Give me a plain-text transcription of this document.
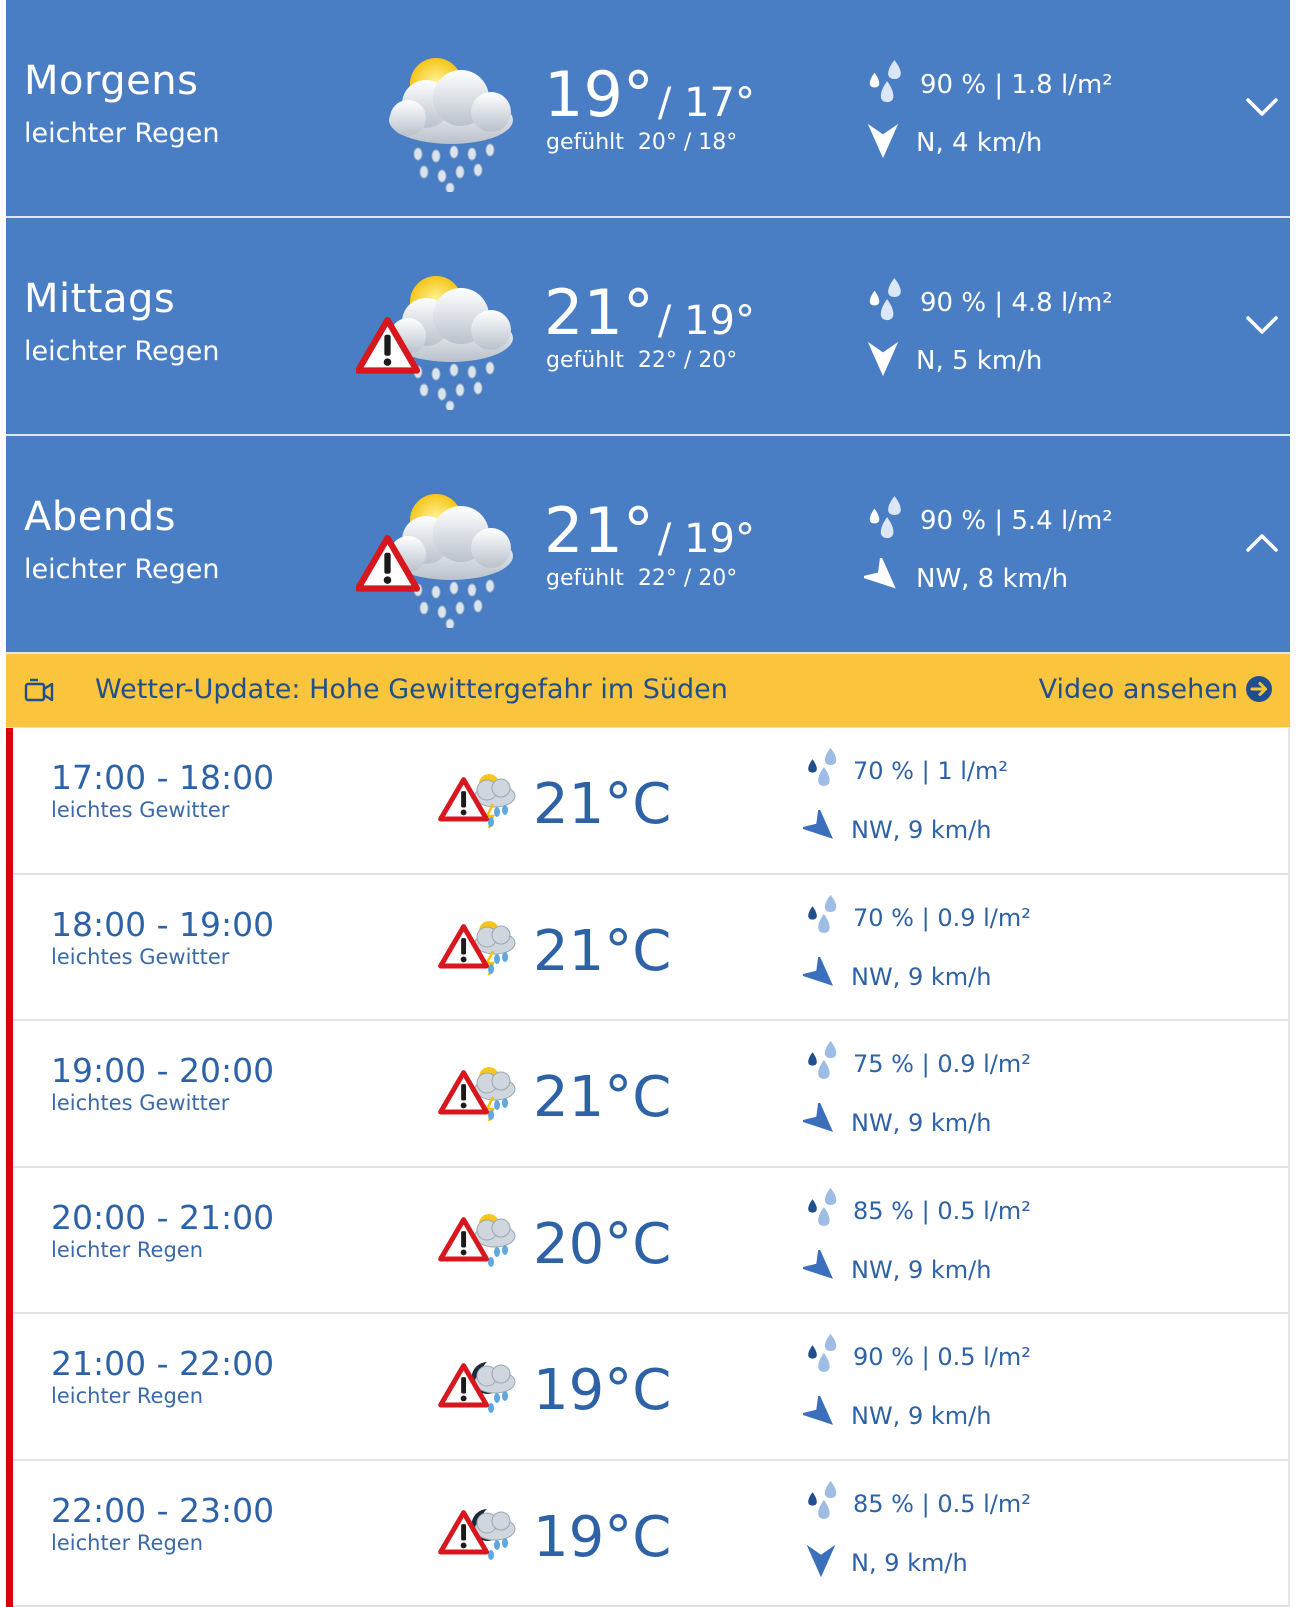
Morgens
leichter Regen
19° / 17°
gefühlt 20° / 18°
90 % | 1.8 l/m²
N, 4 km/h
Mittags
leichter Regen
21° / 19°
gefühlt 22° / 20°
90 % | 4.8 l/m²
N, 5 km/h
Abends
leichter Regen
21° / 19°
gefühlt 22° / 20°
90 % | 5.4 l/m²
NW, 8 km/h
Wetter-Update: Hohe Gewittergefahr im Süden	Video ansehen
17:00 - 18:00
leichtes Gewitter	21°C
70 % | 1 l/m²
NW, 9 km/h
18:00 - 19:00
leichtes Gewitter	21°C
70 % | 0.9 l/m²
NW, 9 km/h
19:00 - 20:00
leichtes Gewitter	21°C
75 % | 0.9 l/m²
NW, 9 km/h
20:00 - 21:00
leichter Regen	20°C
85 % | 0.5 l/m²
NW, 9 km/h
21:00 - 22:00
leichter Regen	19°C
90 % | 0.5 l/m²
NW, 9 km/h
22:00 - 23:00
leichter Regen	19°C
85 % | 0.5 l/m²
N, 9 km/h
